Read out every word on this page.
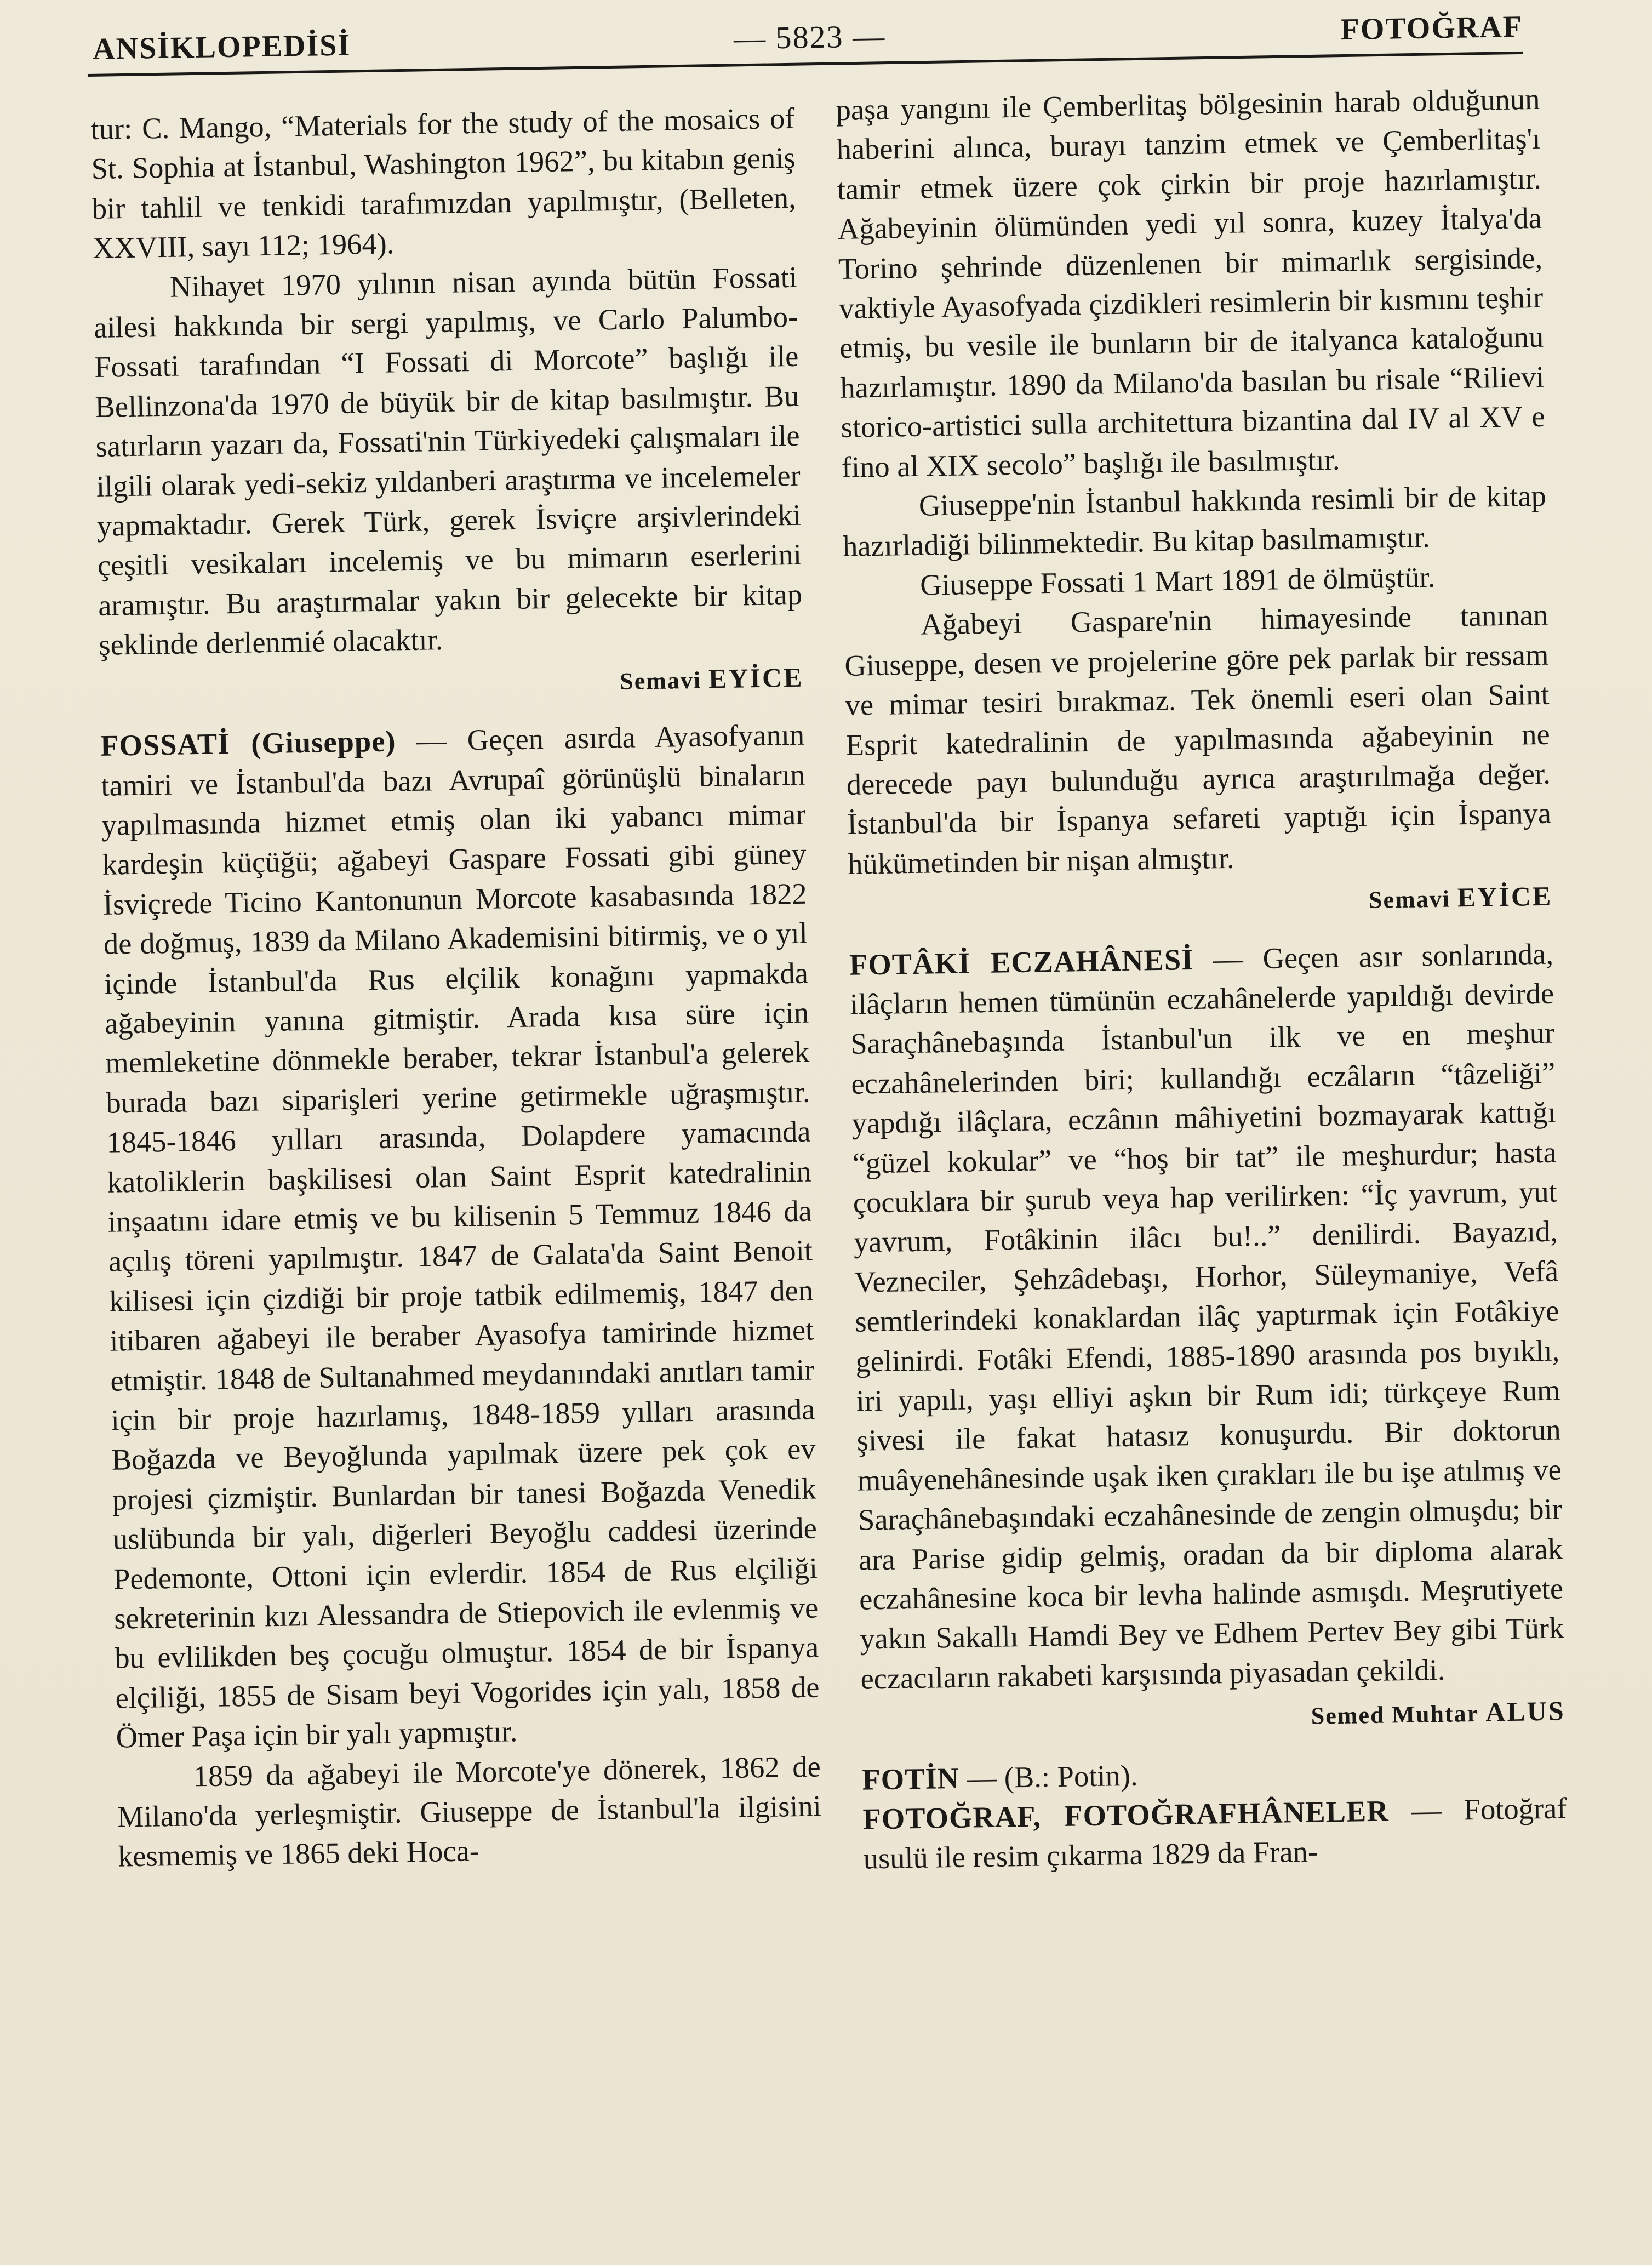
ANSİKLOPEDİSİ	— 5823 —	FOTOĞRAF

tur: C. Mango, “Materials for the study of the mosaics of St. Sophia at İstanbul, Washington 1962”, bu kitabın geniş bir tahlil ve tenkidi tarafımızdan yapılmıştır, (Belleten, XXVIII, sayı 112; 1964).

Nihayet 1970 yılının nisan ayında bütün Fossati ailesi hakkında bir sergi yapılmış, ve Carlo Palumbo-Fossati tarafından “I Fossati di Morcote” başlığı ile Bellinzona'da 1970 de büyük bir de kitap basılmıştır. Bu satırların yazarı da, Fossati'nin Türkiyedeki çalışmaları ile ilgili olarak yedi-sekiz yıldanberi araştırma ve incelemeler yapmaktadır. Gerek Türk, gerek İsviçre arşivlerindeki çeşitli vesikaları incelemiş ve bu mimarın eserlerini aramıştır. Bu araştırmalar yakın bir gelecekte bir kitap şeklinde derlenmié olacaktır.

Semavi EYİCE

FOSSATİ (Giuseppe) — Geçen asırda Ayasofyanın tamiri ve İstanbul'da bazı Avrupaî görünüşlü binaların yapılmasında hizmet etmiş olan iki yabancı mimar kardeşin küçüğü; ağabeyi Gaspare Fossati gibi güney İsviçrede Ticino Kantonunun Morcote kasabasında 1822 de doğmuş, 1839 da Milano Akademisini bitirmiş, ve o yıl içinde İstanbul'da Rus elçilik konağını yapmakda ağabeyinin yanına gitmiştir. Arada kısa süre için memleketine dönmekle beraber, tekrar İstanbul'a gelerek burada bazı siparişleri yerine getirmekle uğraşmıştır. 1845-1846 yılları arasında, Dolapdere yamacında katoliklerin başkilisesi olan Saint Esprit katedralinin inşaatını idare etmiş ve bu kilisenin 5 Temmuz 1846 da açılış töreni yapılmıştır. 1847 de Galata'da Saint Benoit kilisesi için çizdiği bir proje tatbik edilmemiş, 1847 den itibaren ağabeyi ile beraber Ayasofya tamirinde hizmet etmiştir. 1848 de Sultanahmed meydanındaki anıtları tamir için bir proje hazırlamış, 1848-1859 yılları arasında Boğazda ve Beyoğlunda yapılmak üzere pek çok ev projesi çizmiştir. Bunlardan bir tanesi Boğazda Venedik uslübunda bir yalı, diğerleri Beyoğlu caddesi üzerinde Pedemonte, Ottoni için evlerdir. 1854 de Rus elçiliği sekreterinin kızı Alessandra de Stiepovich ile evlenmiş ve bu evlilikden beş çocuğu olmuştur. 1854 de bir İspanya elçiliği, 1855 de Sisam beyi Vogorides için yalı, 1858 de Ömer Paşa için bir yalı yapmıştır.

1859 da ağabeyi ile Morcote'ye dönerek, 1862 de Milano'da yerleşmiştir. Giuseppe de İstanbul'la ilgisini kesmemiş ve 1865 deki Hoca-

paşa yangını ile Çemberlitaş bölgesinin harab olduğunun haberini alınca, burayı tanzim etmek ve Çemberlitaş'ı tamir etmek üzere çok çirkin bir proje hazırlamıştır. Ağabeyinin ölümünden yedi yıl sonra, kuzey İtalya'da Torino şehrinde düzenlenen bir mimarlık sergisinde, vaktiyle Ayasofyada çizdikleri resimlerin bir kısmını teşhir etmiş, bu vesile ile bunların bir de italyanca kataloğunu hazırlamıştır. 1890 da Milano'da basılan bu risale “Rilievi storico-artistici sulla architettura bizantina dal IV al XV e fino al XIX secolo” başlığı ile basılmıştır.

Giuseppe'nin İstanbul hakkında resimli bir de kitap hazırladiği bilinmektedir. Bu kitap basılmamıştır.

Giuseppe Fossati 1 Mart 1891 de ölmüştür.

Ağabeyi Gaspare'nin himayesinde tanınan Giuseppe, desen ve projelerine göre pek parlak bir ressam ve mimar tesiri bırakmaz. Tek önemli eseri olan Saint Esprit katedralinin de yapılmasında ağabeyinin ne derecede payı bulunduğu ayrıca araştırılmağa değer. İstanbul'da bir İspanya sefareti yaptığı için İspanya hükümetinden bir nişan almıştır.

Semavi EYİCE

FOTÂKİ ECZAHÂNESİ — Geçen asır sonlarında, ilâçların hemen tümünün eczahânelerde yapıldığı devirde Saraçhânebaşında İstanbul'un ilk ve en meşhur eczahânelerinden biri; kullandığı eczâların “tâzeliği” yapdığı ilâçlara, eczânın mâhiyetini bozmayarak kattığı “güzel kokular” ve “hoş bir tat” ile meşhurdur; hasta çocuklara bir şurub veya hap verilirken: “İç yavrum, yut yavrum, Fotâkinin ilâcı bu!..” denilirdi. Bayazıd, Vezneciler, Şehzâdebaşı, Horhor, Süleymaniye, Vefâ semtlerindeki konaklardan ilâç yaptırmak için Fotâkiye gelinirdi. Fotâki Efendi, 1885-1890 arasında pos bıyıklı, iri yapılı, yaşı elliyi aşkın bir Rum idi; türkçeye Rum şivesi ile fakat hatasız konuşurdu. Bir doktorun muâyenehânesinde uşak iken çırakları ile bu işe atılmış ve Saraçhânebaşındaki eczahânesinde de zengin olmuşdu; bir ara Parise gidip gelmiş, oradan da bir diploma alarak eczahânesine koca bir levha halinde asmışdı. Meşrutiyete yakın Sakallı Hamdi Bey ve Edhem Pertev Bey gibi Türk eczacıların rakabeti karşısında piyasadan çekildi.

Semed Muhtar ALUS

FOTİN — (B.: Potin).

FOTOĞRAF, FOTOĞRAFHÂNELER — Fotoğraf usulü ile resim çıkarma 1829 da Fran-
